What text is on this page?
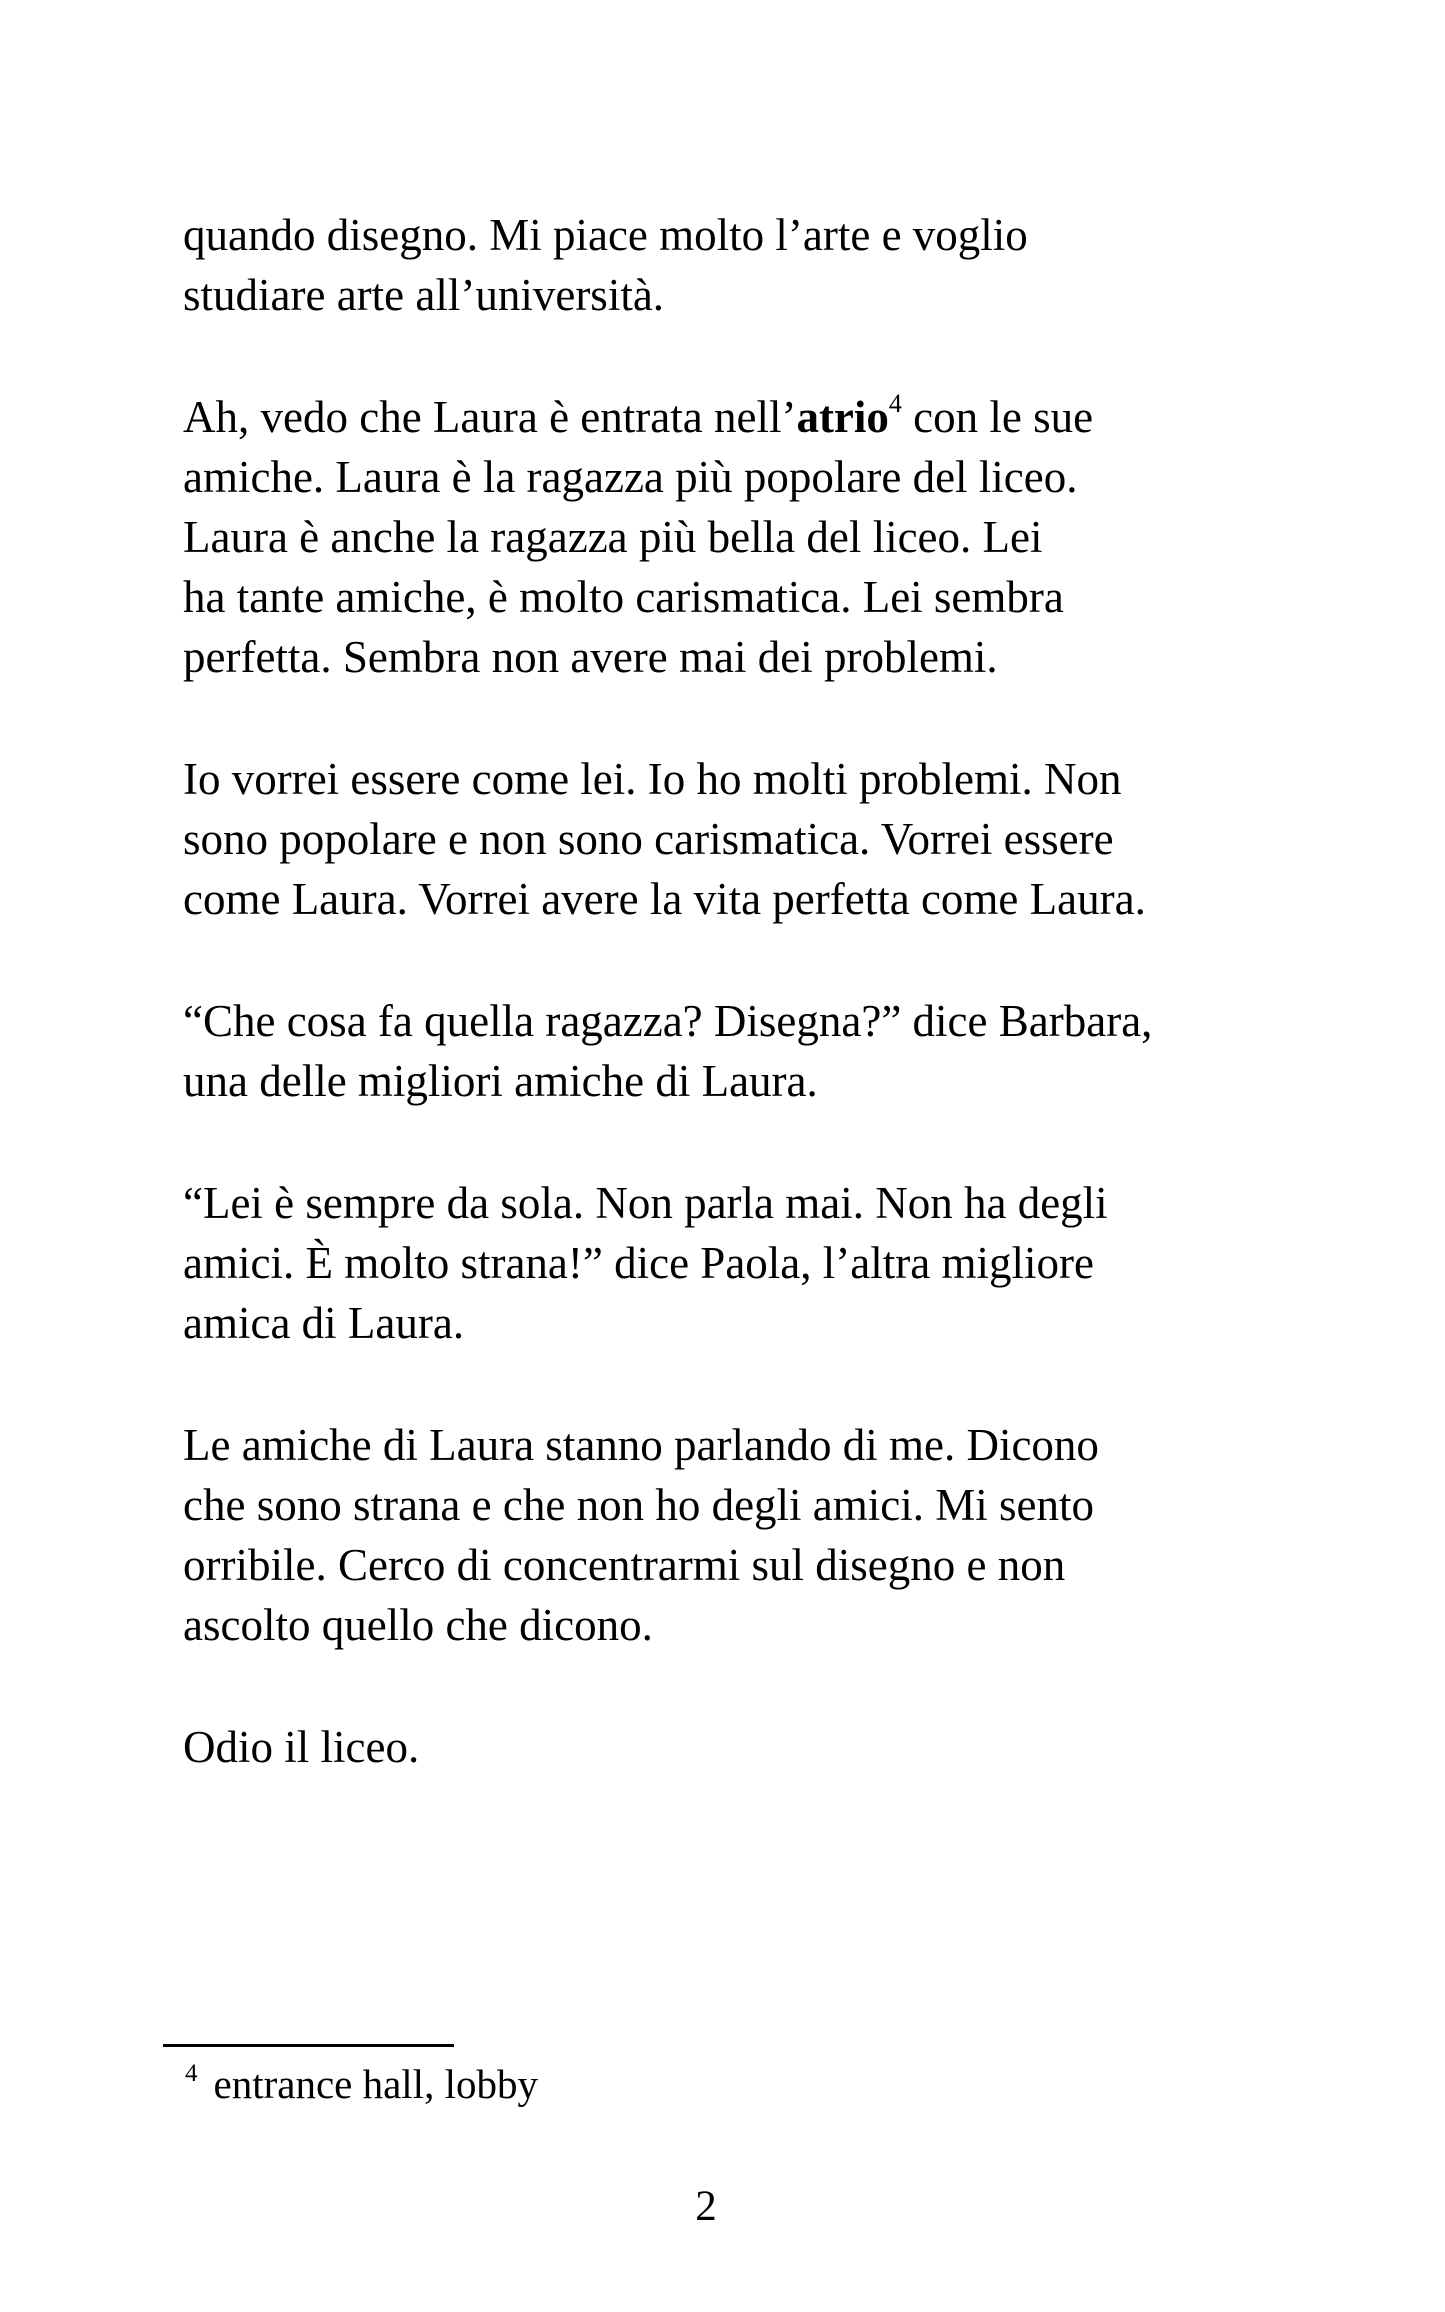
quando disegno. Mi piace molto l’arte e voglio
studiare arte all’università.

Ah, vedo che Laura è entrata nell’atrio$^4$ con le sue
amiche. Laura è la ragazza più popolare del liceo.
Laura è anche la ragazza più bella del liceo. Lei
ha tante amiche, è molto carismatica. Lei sembra
perfetta. Sembra non avere mai dei problemi.

Io vorrei essere come lei. Io ho molti problemi. Non
sono popolare e non sono carismatica. Vorrei essere
come Laura. Vorrei avere la vita perfetta come Laura.

“Che cosa fa quella ragazza? Disegna?” dice Barbara,
una delle migliori amiche di Laura.

“Lei è sempre da sola. Non parla mai. Non ha degli
amici. È molto strana!” dice Paola, l’altra migliore
amica di Laura.

Le amiche di Laura stanno parlando di me. Dicono
che sono strana e che non ho degli amici. Mi sento
orribile. Cerco di concentrarmi sul disegno e non
ascolto quello che dicono.

Odio il liceo.

$^4$ entrance hall, lobby
2
